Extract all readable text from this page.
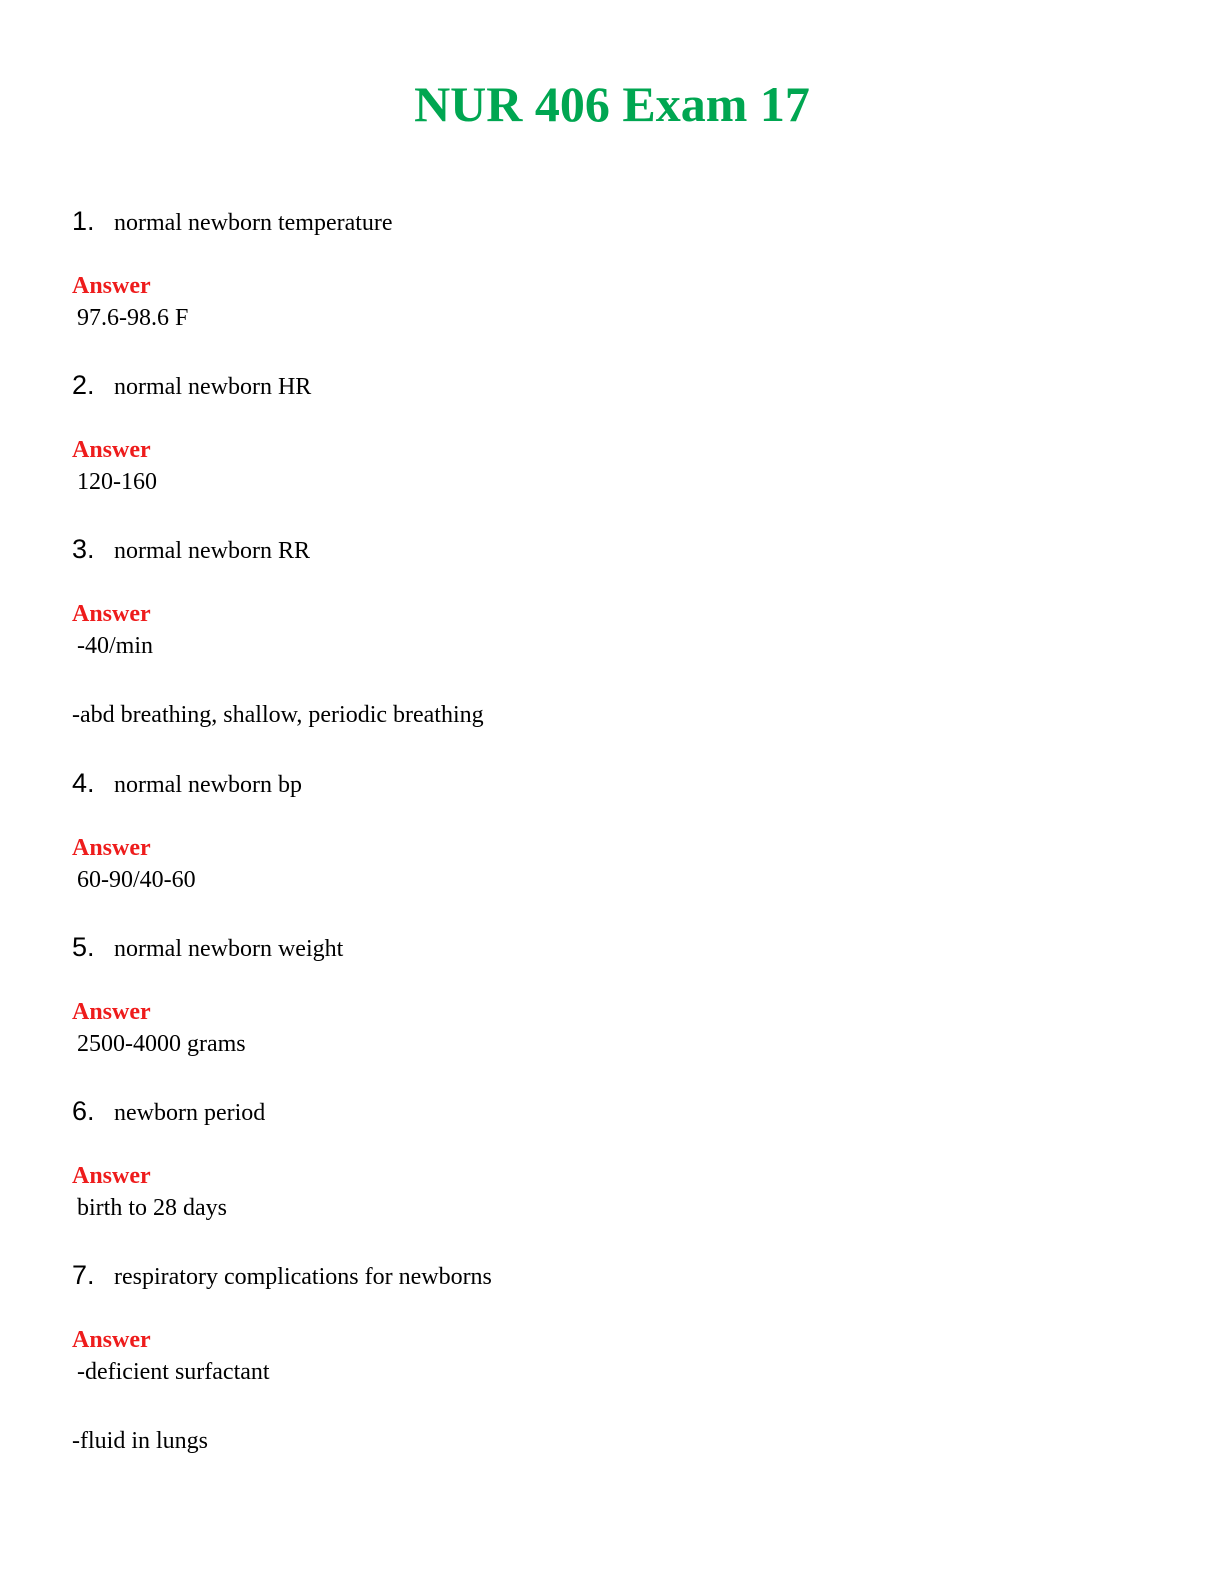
NUR 406 Exam 17
1. normal newborn temperature
Answer
97.6-98.6 F
2. normal newborn HR
Answer
120-160
3. normal newborn RR
Answer
-40/min
-abd breathing, shallow, periodic breathing
4. normal newborn bp
Answer
60-90/40-60
5. normal newborn weight
Answer
2500-4000 grams
6. newborn period
Answer
birth to 28 days
7. respiratory complications for newborns
Answer
-deficient surfactant
-fluid in lungs
